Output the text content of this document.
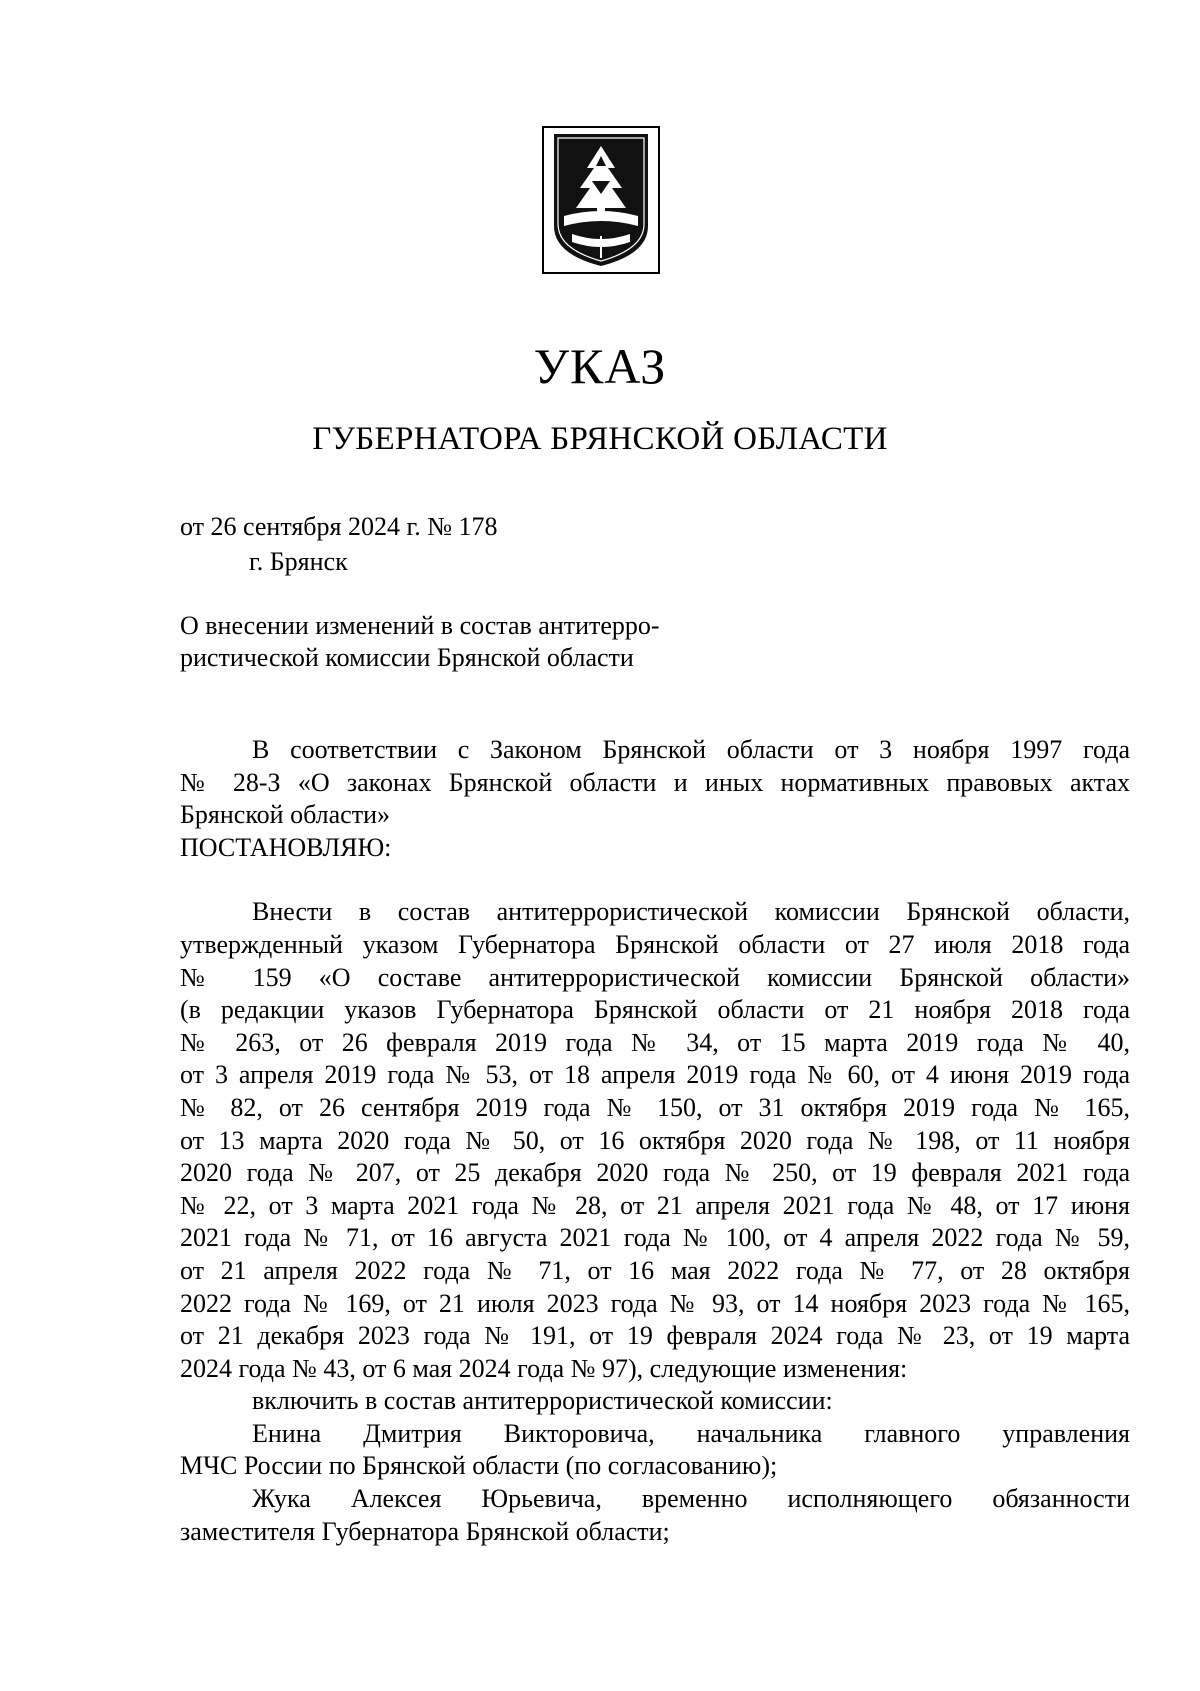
УКАЗ
ГУБЕРНАТОРА БРЯНСКОЙ ОБЛАСТИ
от 26 сентября 2024 г. № 178
г. Брянск
О внесении изменений в состав антитерро-
ристической комиссии Брянской области
В соответствии с Законом Брянской области от 3 ноября 1997 года
№ 28-З «О законах Брянской области и иных нормативных правовых актах
Брянской области»
ПОСТАНОВЛЯЮ:
Внести в состав антитеррористической комиссии Брянской области,
утвержденный указом Губернатора Брянской области от 27 июля 2018 года
№ 159 «О составе антитеррористической комиссии Брянской области»
(в редакции указов Губернатора Брянской области от 21 ноября 2018 года
№ 263, от 26 февраля 2019 года № 34, от 15 марта 2019 года № 40,
от 3 апреля 2019 года № 53, от 18 апреля 2019 года № 60, от 4 июня 2019 года
№ 82, от 26 сентября 2019 года № 150, от 31 октября 2019 года № 165,
от 13 марта 2020 года № 50, от 16 октября 2020 года № 198, от 11 ноября
2020 года № 207, от 25 декабря 2020 года № 250, от 19 февраля 2021 года
№ 22, от 3 марта 2021 года № 28, от 21 апреля 2021 года № 48, от 17 июня
2021 года № 71, от 16 августа 2021 года № 100, от 4 апреля 2022 года № 59,
от 21 апреля 2022 года № 71, от 16 мая 2022 года № 77, от 28 октября
2022 года № 169, от 21 июля 2023 года № 93, от 14 ноября 2023 года № 165,
от 21 декабря 2023 года № 191, от 19 февраля 2024 года № 23, от 19 марта
2024 года № 43, от 6 мая 2024 года № 97), следующие изменения:
включить в состав антитеррористической комиссии:
Енина Дмитрия Викторовича, начальника главного управления
МЧС России по Брянской области (по согласованию);
Жука Алексея Юрьевича, временно исполняющего обязанности
заместителя Губернатора Брянской области;
